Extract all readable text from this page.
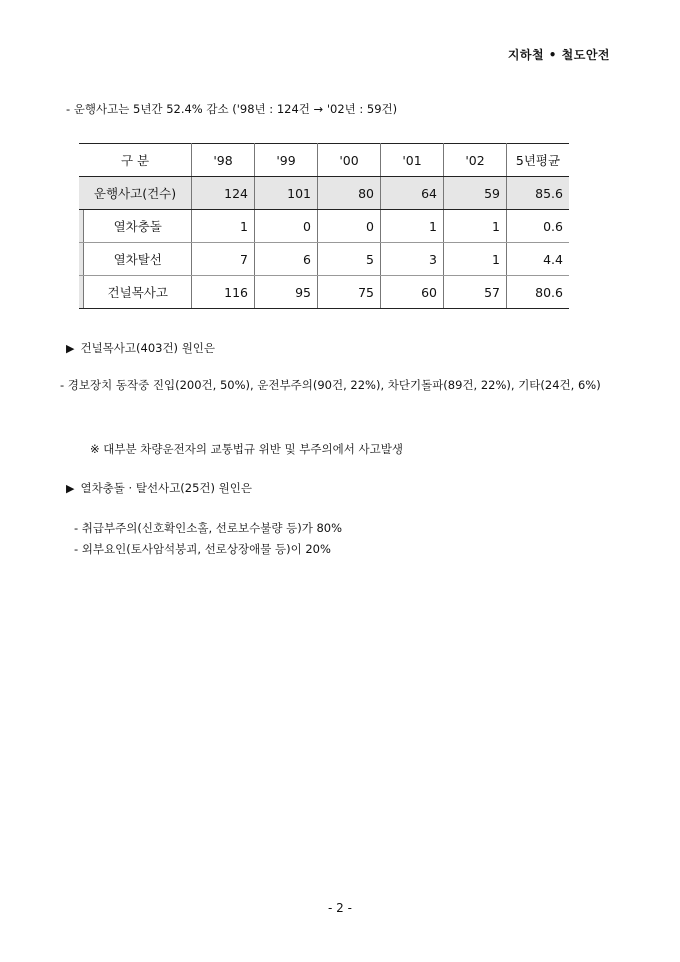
지하철 • 철도안전
- 운행사고는 5년간 52.4% 감소 ('98년 : 124건 → '02년 : 59건)
구 분		'98	'99	'00	'01	'02	5년평균
운행사고(건수)		124	101	80	64	59	85.6
	열차충돌	1	0	0	1	1	0.6
	열차탈선	7	6	5	3	1	4.4
	건널목사고	116	95	75	60	57	80.6
▶ 건널목사고(403건) 원인은
- 경보장치 동작중 진입(200건, 50%), 운전부주의(90건, 22%), 차단기돌파(89건, 22%), 기타(24건, 6%)
※ 대부분 차량운전자의 교통법규 위반 및 부주의에서 사고발생
▶ 열차충돌 · 탈선사고(25건) 원인은
- 취급부주의(신호확인소홀, 선로보수불량 등)가 80%
- 외부요인(토사암석붕괴, 선로상장애물 등)이 20%
- 2 -
